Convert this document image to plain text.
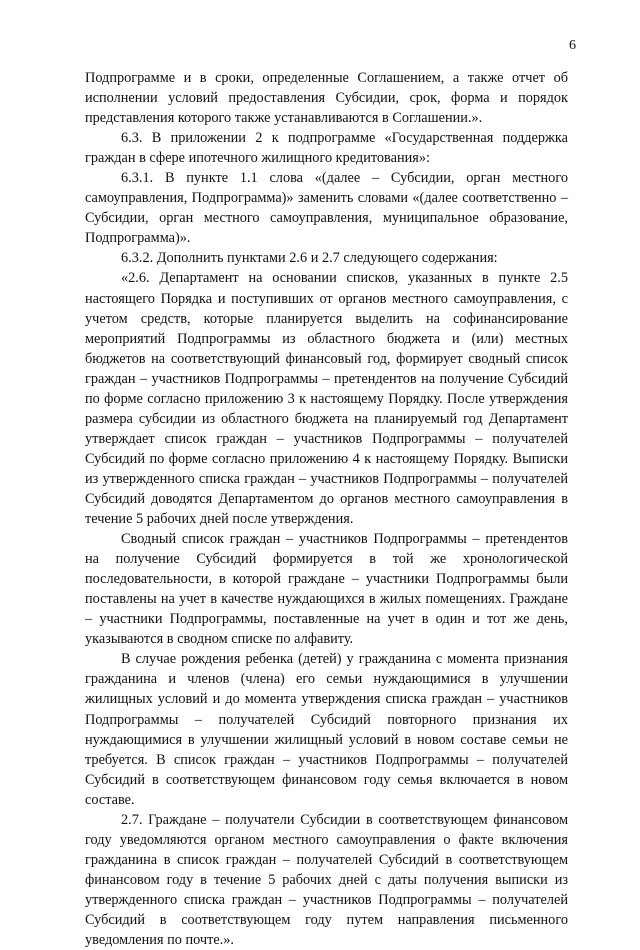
6

Подпрограмме и в сроки, определенные Соглашением, а также отчет об исполнении условий предоставления Субсидии, срок, форма и порядок представления которого также устанавливаются в Соглашении.».

6.3. В приложении 2 к подпрограмме «Государственная поддержка граждан в сфере ипотечного жилищного кредитования»:

6.3.1. В пункте 1.1 слова «(далее – Субсидии, орган местного самоуправления, Подпрограмма)» заменить словами «(далее соответственно – Субсидии, орган местного самоуправления, муниципальное образование, Подпрограмма)».

6.3.2. Дополнить пунктами 2.6 и 2.7 следующего содержания:

«2.6. Департамент на основании списков, указанных в пункте 2.5 настоящего Порядка и поступивших от органов местного самоуправления, с учетом средств, которые планируется выделить на софинансирование мероприятий Подпрограммы из областного бюджета и (или) местных бюджетов на соответствующий финансовый год, формирует сводный список граждан – участников Подпрограммы – претендентов на получение Субсидий по форме согласно приложению 3 к настоящему Порядку. После утверждения размера субсидии из областного бюджета на планируемый год Департамент утверждает список граждан – участников Подпрограммы – получателей Субсидий по форме согласно приложению 4 к настоящему Порядку. Выписки из утвержденного списка граждан – участников Подпрограммы – получателей Субсидий доводятся Департаментом до органов местного самоуправления в течение 5 рабочих дней после утверждения.

Сводный список граждан – участников Подпрограммы – претендентов на получение Субсидий формируется в той же хронологической последовательности, в которой граждане – участники Подпрограммы были поставлены на учет в качестве нуждающихся в жилых помещениях. Граждане – участники Подпрограммы, поставленные на учет в один и тот же день, указываются в сводном списке по алфавиту.

В случае рождения ребенка (детей) у гражданина с момента признания гражданина и членов (члена) его семьи нуждающимися в улучшении жилищных условий и до момента утверждения списка граждан – участников Подпрограммы – получателей Субсидий повторного признания их нуждающимися в улучшении жилищный условий в новом составе семьи не требуется. В список граждан – участников Подпрограммы – получателей Субсидий в соответствующем финансовом году семья включается в новом составе.

2.7. Граждане – получатели Субсидии в соответствующем финансовом году уведомляются органом местного самоуправления о факте включения гражданина в список граждан – получателей Субсидий в соответствующем финансовом году в течение 5 рабочих дней с даты получения выписки из утвержденного списка граждан – участников Подпрограммы – получателей Субсидий в соответствующем году путем направления письменного уведомления по почте.».
